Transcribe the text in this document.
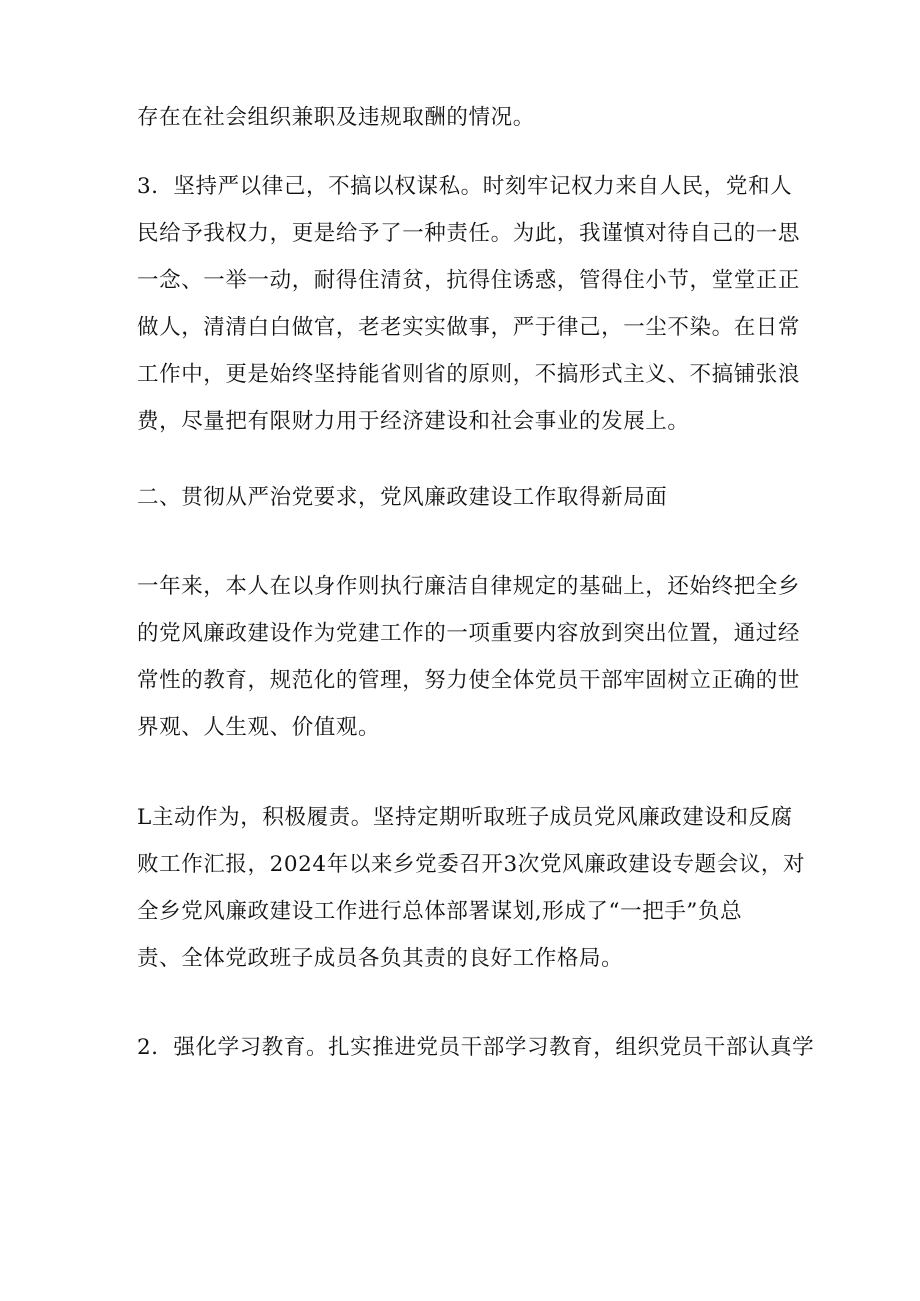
存在在社会组织兼职及违规取酬的情况。
3．坚持严以律己，不搞以权谋私。时刻牢记权力来自人民，党和人
民给予我权力，更是给予了一种责任。为此，我谨慎对待自己的一思
一念、一举一动，耐得住清贫，抗得住诱惑，管得住小节，堂堂正正
做人，清清白白做官，老老实实做事，严于律己，一尘不染。在日常
工作中，更是始终坚持能省则省的原则，不搞形式主义、不搞铺张浪
费，尽量把有限财力用于经济建设和社会事业的发展上。
二、贯彻从严治党要求，党风廉政建设工作取得新局面
一年来，本人在以身作则执行廉洁自律规定的基础上，还始终把全乡
的党风廉政建设作为党建工作的一项重要内容放到突出位置，通过经
常性的教育，规范化的管理，努力使全体党员干部牢固树立正确的世
界观、人生观、价值观。
L主动作为，积极履责。坚持定期听取班子成员党风廉政建设和反腐
败工作汇报，2024年以来乡党委召开3次党风廉政建设专题会议，对
全乡党风廉政建设工作进行总体部署谋划,形成了“一把手”负总
责、全体党政班子成员各负其责的良好工作格局。
2．强化学习教育。扎实推进党员干部学习教育，组织党员干部认真学
